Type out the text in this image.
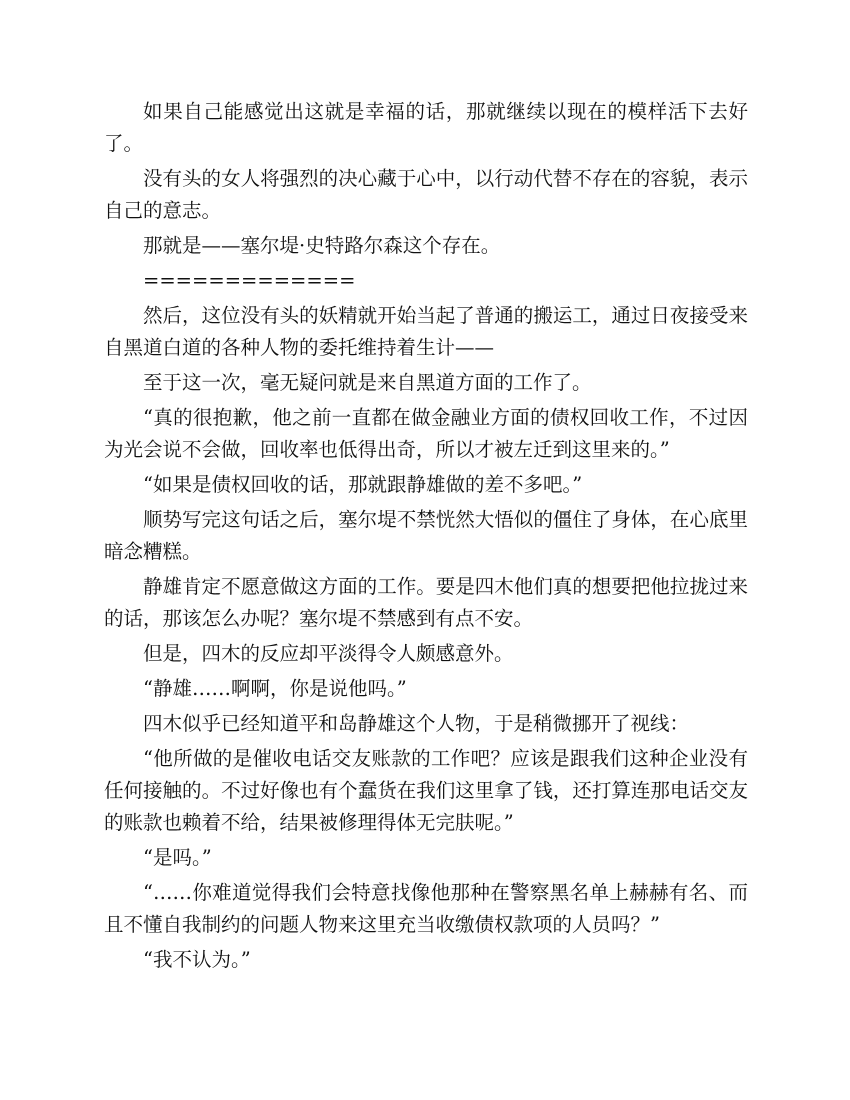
如果自己能感觉出这就是幸福的话，那就继续以现在的模样活下去好了。

没有头的女人将强烈的决心藏于心中，以行动代替不存在的容貌，表示自己的意志。

那就是——塞尔堤·史特路尔森这个存在。

=============

然后，这位没有头的妖精就开始当起了普通的搬运工，通过日夜接受来自黑道白道的各种人物的委托维持着生计——

至于这一次，毫无疑问就是来自黑道方面的工作了。

“真的很抱歉，他之前一直都在做金融业方面的债权回收工作，不过因为光会说不会做，回收率也低得出奇，所以才被左迁到这里来的。”

“如果是债权回收的话，那就跟静雄做的差不多吧。”

顺势写完这句话之后，塞尔堤不禁恍然大悟似的僵住了身体，在心底里暗念糟糕。

静雄肯定不愿意做这方面的工作。要是四木他们真的想要把他拉拢过来的话，那该怎么办呢？塞尔堤不禁感到有点不安。

但是，四木的反应却平淡得令人颇感意外。

“静雄……啊啊，你是说他吗。”

四木似乎已经知道平和岛静雄这个人物，于是稍微挪开了视线：

“他所做的是催收电话交友账款的工作吧？应该是跟我们这种企业没有任何接触的。不过好像也有个蠢货在我们这里拿了钱，还打算连那电话交友的账款也赖着不给，结果被修理得体无完肤呢。”

“是吗。”

“……你难道觉得我们会特意找像他那种在警察黑名单上赫赫有名、而且不懂自我制约的问题人物来这里充当收缴债权款项的人员吗？”

“我不认为。”
